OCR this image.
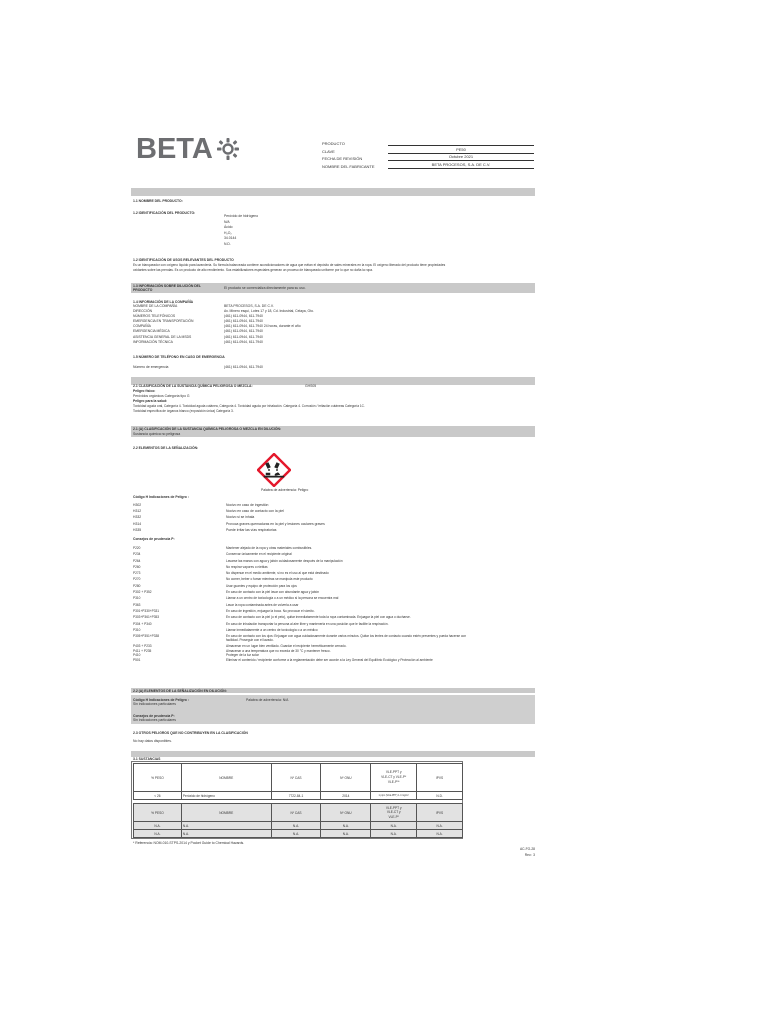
BETA	PRODUCTO
CLAVE	PE50
FECHA DE REVISIÓN	Octubre 2021
NOMBRE DEL FABRICANTE	BETA PROCESOS, S.A. DE C.V.
1.1 NOMBRE DEL PRODUCTO:
1.2 IDENTIFICACIÓN DEL PRODUCTO:
Peróxido de hidrógeno
N/A
Ácido
H₂O₂
34.0144
N.D.
1.2 IDENTIFICACIÓN DE USOS RELEVANTES DEL PRODUCTO
Es un blanqueador con oxígeno líquido para lavandería. Su fórmula balanceada contiene acondicionadores de agua que evitan el depósito de sales minerales en la ropa. El oxígeno liberado del producto tiene propiedades
oxidantes sobre las prendas. Es un producto de alto rendimiento. Sus estabilizadores especiales generan un proceso de blanqueado uniforme por lo que no daña la ropa.
1.3 INFORMACIÓN SOBRE DILUCIÓN DEL PRODUCTO	El producto se comercializa directamente para su uso.
1.4 INFORMACIÓN DE LA COMPAÑÍA
NOMBRE DE LA COMPAÑÍA	BETA PROCESOS, S.A. DE C.V.
DIRECCIÓN	Av. Minero esquí, Lotes 17 y 18, Cd. Industrial, Celaya, Gto.
NÚMEROS TELEFÓNICOS	(461) 611-0944, 611-7940
EMERGENCIA EN TRANSPORTACIÓN	(461) 611-0944, 611-7940
COMPAÑÍA	(461) 611-0944, 611-7940 24 horas, durante el año
EMERGENCIA MÉDICA	(461) 611-0944, 611-7940
ASISTENCIA GENERAL DE LA MSDS	(461) 611-0944, 611-7940
INFORMACIÓN TÉCNICA	(461) 611-0944, 611-7940
1.5 NÚMERO DE TELÉFONO EN CASO DE EMERGENCIA
Número de emergencia	(461) 611-0944, 611-7940
2.1 CLASIFICACIÓN DE LA SUSTANCIA QUÍMICA PELIGROSA O MEZCLA:	GHS05
Peligro físico:
Peróxidos orgánicos Categoría tipo G
Peligro para la salud:
Toxicidad aguda oral, Categoría 4. Toxicidad aguda cutánea, Categoría 4. Toxicidad aguda por inhalación. Categoría 4. Corrosión / irritación cutáneas Categoría 1C.
Toxicidad específica de órganos blanco (exposición única) Categoría 3.
2.1 (A) CLASIFICACIÓN DE LA SUSTANCIA QUÍMICA PELIGROSA O MEZCLA EN DILUCIÓN:
Sustancia química no peligrosa
2.2 ELEMENTOS DE LA SEÑALIZACIÓN:
Palabra de advertencia: Peligro
Código H Indicaciones de Peligro :
H302	Nocivo en caso de ingestión
H312	Nocivo en caso de contacto con la piel
H332	Nocivo si se inhala
H314	Provoca graves quemaduras en la piel y lesiones oculares graves
H335	Puede irritar las vías respiratorias
Consejos de prudencia P:
P220	Mantener alejado de la ropa y otras materiales combustibles.
P234	Conservar únicamente en el recipiente original
P264	Lavarse las manos con agua y jabón cuidadosamente después de la manipulación
P260	No respirar vapores o nieblas
P273	No dispersar en el medio ambiente, si no es el uso al que está destinado
P270	No comer, beber o fumar mientras se manipula este producto
P280	Usar guantes y equipo de protección para los ojos
P302 + P352	En caso de contacto con la piel lavar con abundante agua y jabón
P310	Llamar a un centro de toxicología o a un médico si la persona se encuentra mal
P363	Lavar la ropa contaminada antes de volverla a usar
P301+P330+P331	En caso de ingestión, enjuagar la boca. No provocar el vómito.
P303+P361+P353	En caso de contacto con la piel (o el pelo), quitar inmediatamente toda la ropa contaminada. Enjuagar la piel con agua o ducharse.
P304 + P340	En caso de inhalación transportar la persona al aire libre y mantenerla en una posición que le facilite la respiración.
P310	Llamar inmediatamente a un centro de toxicología o a un médico
P305+P351+P338	En caso de contacto con los ojos: Enjuagar con agua cuidadosamente durante varios minutos. Quitar los lentes de contacto cuando estén presentes y pueda hacerse con
facilidad. Proseguir con el lavado.
P403 + P233	Almacenar en un lugar bien ventilado. Guardar el recipiente herméticamente cerrado.
P411 + P235	Almacenar a una temperatura que no exceda de 30 °C y mantener fresco.
P410	Proteger de la luz solar
P501	Eliminar el contenido / recipiente conforme a la reglamentación debe ser acorde a la Ley General del Equilibrio Ecológico y Protección al ambiente
2.2 (A) ELEMENTOS DE LA SEÑALIZACIÓN EN DILUCIÓN:
Código H Indicaciones de Peligro :	Palabra de advertencia: N/A
Sin indicaciones particulares
Consejos de prudencia P:
Sin indicaciones particulares
2.3 OTROS PELIGROS QUE NO CONTRIBUYEN EN LA CLASIFICACIÓN
No hay datos disponibles.
3.1 SUSTANCIAS
% PESO	NOMBRE	Nº CAS	Nº ONU	VLE-PPT y
VLE-CT y VLE-P*
VLE-Pº*	IPVS
< 26	Peróxido de hidrógeno	7722-84-1	2014	1 ppm (VLE-PPT) 1.4 mg/m³	N.D.
% PESO	NOMBRE	Nº CAS	Nº ONU	VLE-PPT y
VLE-CT y
VLE-Pº	IPVS
N.A.	N.A.	N.A.	N.A.	N.A.	N.A.
N.A.	N.A.	N.A.	N.A.	N.A.	N.A.
* Referencia: NOM-010-STPS-2014 y Pocket Guide to Chemical Hazards.
AC-FO-28
Rev.: 3
